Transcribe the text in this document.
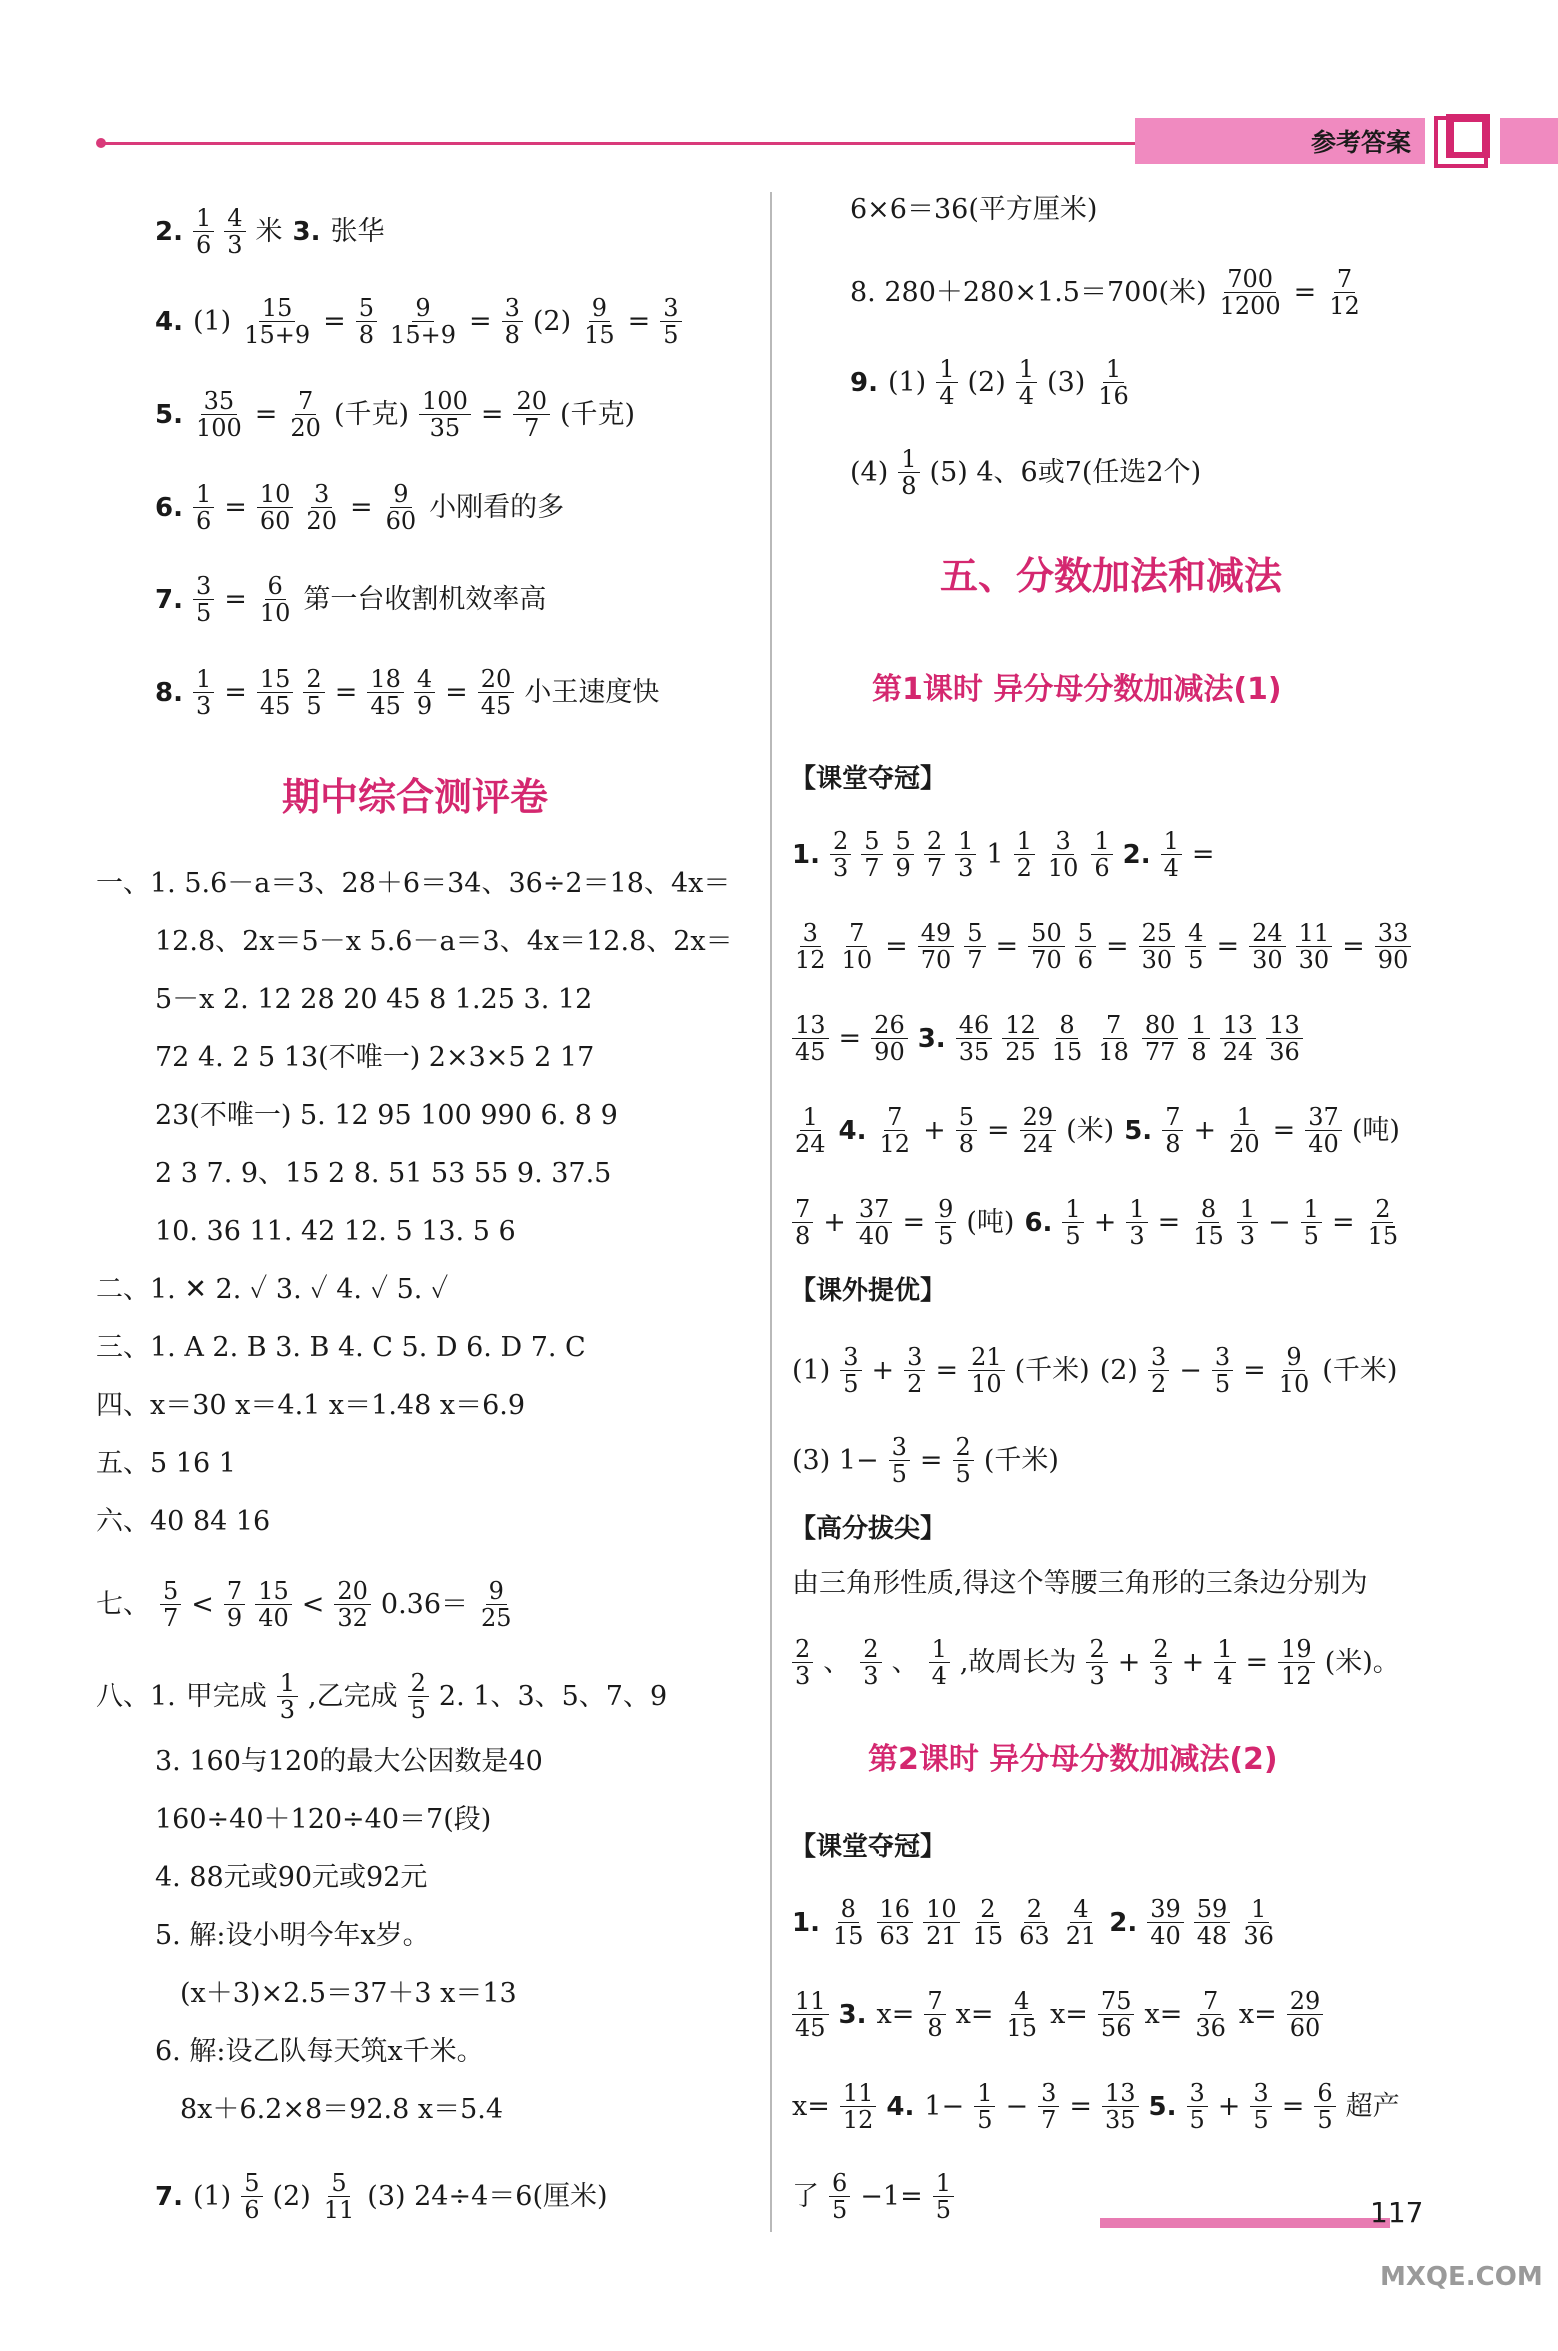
参考答案
2. $\frac{1}{6} \frac{4}{3}$ 米 3. 张华
4. $(1) \frac{15}{15+9} = \frac{5}{8} \frac{9}{15+9} = \frac{3}{8} (2) \frac{9}{15} = \frac{3}{5}$
5. $\frac{35}{100} = \frac{7}{20}$ (千克) $\frac{100}{35} = \frac{20}{7}$ (千克)
6. $\frac{1}{6} = \frac{10}{60} \frac{3}{20} = \frac{9}{60}$ 小刚看的多
7. $\frac{3}{5} = \frac{6}{10}$ 第一台收割机效率高
8. $\frac{1}{3} = \frac{15}{45} \frac{2}{5} = \frac{18}{45} \frac{4}{9} = \frac{20}{45}$ 小王速度快
期中综合测评卷
一、1. 5.6－a＝3、28＋6＝34、36÷2＝18、4x＝
12.8、2x＝5－x 5.6－a＝3、4x＝12.8、2x＝
5－x 2. 12 28 20 45 8 1.25 3. 12
72 4. 2 5 13(不唯一) 2×3×5 2 17
23(不唯一) 5. 12 95 100 990 6. 8 9
2 3 7. 9、15 2 8. 51 53 55 9. 37.5
10. 36 11. 42 12. 5 13. 5 6
二、1. ✕ 2. ✓ 3. ✓ 4. ✓ 5. ✓
三、1. A 2. B 3. B 4. C 5. D 6. D 7. C
四、x＝30 x＝4.1 x＝1.48 x＝6.9
五、5 16 1
六、40 84 16
七、 $\frac{5}{7} < \frac{7}{9} \frac{15}{40} < \frac{20}{32} 0.36= \frac{9}{25}$
八、1. 甲完成 $\frac{1}{3}$ ,乙完成 $\frac{2}{5} 2$. 1、3、5、7、9
3. 160与120的最大公因数是40
160÷40＋120÷40＝7(段)
4. 88元或90元或92元
5. 解:设小明今年x岁。
(x＋3)×2.5＝37＋3 x＝13
6. 解:设乙队每天筑x千米。
8x＋6.2×8＝92.8 x＝5.4
7. $(1) \frac{5}{6} (2) \frac{5}{11} (3)$ 24÷4＝6(厘米)
6×6＝36(平方厘米)
8. 280＋280×1.5＝700(米) $\frac{700}{1200} = \frac{7}{12}$
9. $(1) \frac{1}{4} (2) \frac{1}{4} (3) \frac{1}{16}$
$(4) \frac{1}{8} (5)$ 4、6或7(任选2个)
五、分数加法和减法
第1课时 异分母分数加减法(1)
【课堂夺冠】
1. $\frac{2}{3} \frac{5}{7} \frac{5}{9} \frac{2}{7} \frac{1}{3} 1 \frac{1}{2} \frac{3}{10} \frac{1}{6} 2$. $\frac{1}{4}$ =
$\frac{3}{12} \frac{7}{10} = \frac{49}{70} \frac{5}{7} = \frac{50}{70} \frac{5}{6} = \frac{25}{30} \frac{4}{5} = \frac{24}{30} \frac{11}{30} = \frac{33}{90}$
$\frac{13}{45} = \frac{26}{90} 3$. $\frac{46}{35} \frac{12}{25} \frac{8}{15} \frac{7}{18} \frac{80}{77} \frac{1}{8} \frac{13}{24} \frac{13}{36}$
$\frac{1}{24} 4$. $\frac{7}{12} + \frac{5}{8} = \frac{29}{24}$ (米) 5. $\frac{7}{8} + \frac{1}{20} = \frac{37}{40}$ (吨)
$\frac{7}{8} + \frac{37}{40} = \frac{9}{5}$ (吨) 6. $\frac{1}{5} + \frac{1}{3} = \frac{8}{15} \frac{1}{3} - \frac{1}{5} = \frac{2}{15}$
【课外提优】
$(1) \frac{3}{5} + \frac{3}{2} = \frac{21}{10}$ (千米) $(2) \frac{3}{2} - \frac{3}{5} = \frac{9}{10}$ (千米)
(3) $1- \frac{3}{5} = \frac{2}{5}$ (千米)
【高分拔尖】
由三角形性质,得这个等腰三角形的三条边分别为
$\frac{2}{3}$ 、 $\frac{2}{3}$ 、 $\frac{1}{4}$ ,故周长为 $\frac{2}{3} + \frac{2}{3} + \frac{1}{4} = \frac{19}{12}$ (米)。
第2课时 异分母分数加减法(2)
【课堂夺冠】
1. $\frac{8}{15} \frac{16}{63} \frac{10}{21} \frac{2}{15} \frac{2}{63} \frac{4}{21} 2$. $\frac{39}{40} \frac{59}{48} \frac{1}{36}$
$\frac{11}{45} 3$. $x= \frac{7}{8} x= \frac{4}{15} x= \frac{75}{56} x= \frac{7}{36} x= \frac{29}{60}$
$x= \frac{11}{12} 4$. $1- \frac{1}{5} - \frac{3}{7} = \frac{13}{35} 5$. $\frac{3}{5} + \frac{3}{5} = \frac{6}{5}$ 超产
了 $\frac{6}{5} -1= \frac{1}{5}$	117
MXQE.COM
